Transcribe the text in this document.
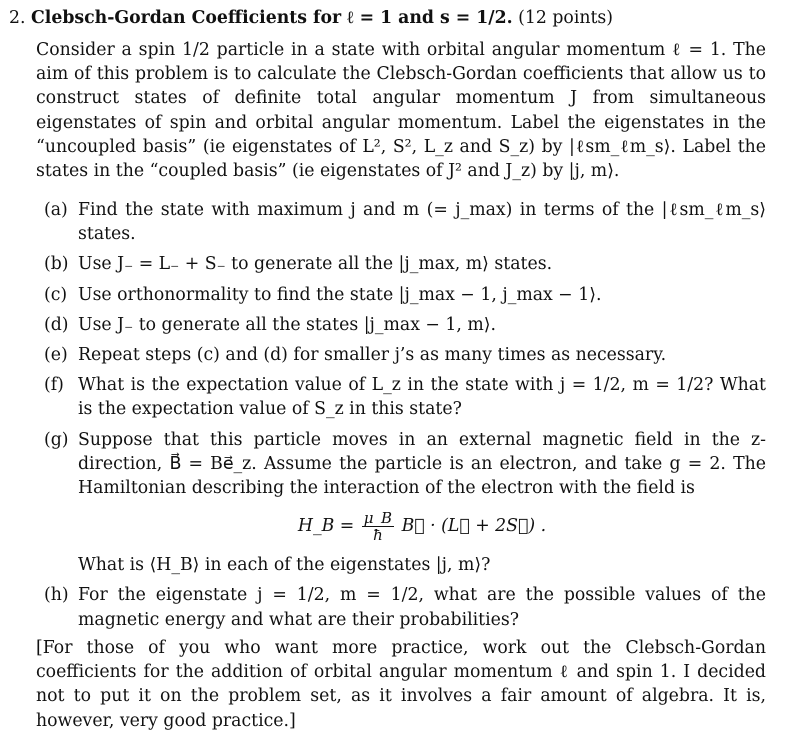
2. Clebsch-Gordan Coefficients for ℓ = 1 and s = 1/2. (12 points)
Consider a spin 1/2 particle in a state with orbital angular momentum ℓ = 1. The aim of this problem is to calculate the Clebsch-Gordan coefficients that allow us to construct states of definite total angular momentum J from simultaneous eigenstates of spin and orbital angular momentum. Label the eigenstates in the “uncoupled basis” (ie eigenstates of L², S², L_z and S_z) by |ℓsm_ℓm_s⟩. Label the states in the “coupled basis” (ie eigenstates of J² and J_z) by |j, m⟩.
(a) Find the state with maximum j and m (= j_max) in terms of the |ℓsm_ℓm_s⟩ states.
(b) Use J₋ = L₋ + S₋ to generate all the |j_max, m⟩ states.
(c) Use orthonormality to find the state |j_max − 1, j_max − 1⟩.
(d) Use J₋ to generate all the states |j_max − 1, m⟩.
(e) Repeat steps (c) and (d) for smaller j’s as many times as necessary.
(f) What is the expectation value of L_z in the state with j = 1/2, m = 1/2? What is the expectation value of S_z in this state?
(g) Suppose that this particle moves in an external magnetic field in the z-direction, B⃗ = Be⃗_z. Assume the particle is an electron, and take g = 2. The Hamiltonian describing the interaction of the electron with the field is
H_B = $\frac{\mu\_B}{ħ}$ B⃗ · (L⃗ + 2S⃗) .
What is ⟨H_B⟩ in each of the eigenstates |j, m⟩?
(h) For the eigenstate j = 1/2, m = 1/2, what are the possible values of the magnetic energy and what are their probabilities?
[For those of you who want more practice, work out the Clebsch-Gordan coefficients for the addition of orbital angular momentum ℓ and spin 1. I decided not to put it on the problem set, as it involves a fair amount of algebra. It is, however, very good practice.]
